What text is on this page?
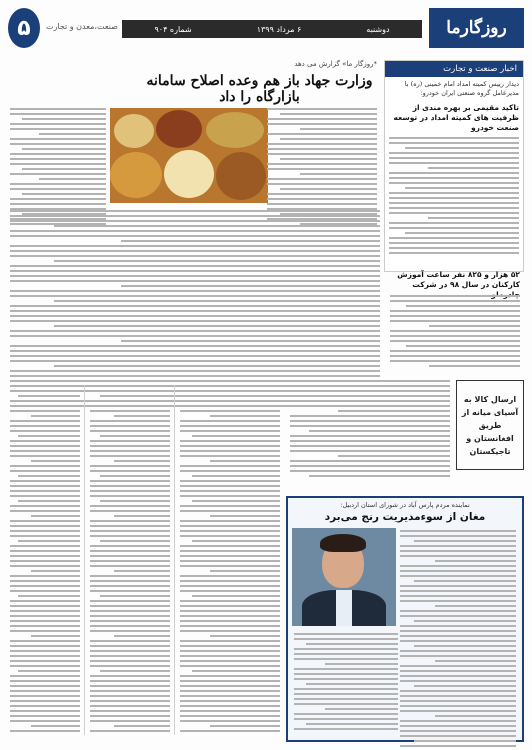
روزگارما
دوشنبه
۶ مرداد ۱۳۹۹
شماره ۹۰۴
صنعت،معدن و تجارت
۵
*روزگار ما» گزارش می دهد
وزارت جهاد باز هم وعده اصلاح سامانه بازارگاه را داد
اخبار صنعت و تجارت
دیدار رییس کمیته امداد امام خمینی (ره) با مدیرعامل گروه صنعتی ایران خودرو:
تاکید مقیمی بر بهره مندی از ظرفیت های کمیته امداد در توسعه صنعت خودرو
۵۲ هزار و ۸۲۵ نفر ساعت آموزش کارکنان در سال ۹۸ در شرکت
ارسال کالا به آسیای میانه از طریق افغانستان و تاجیکستان
نماینده مردم پارس آباد در شورای استان اردبیل:
مغان از سوءمدیریت رنج می‌برد
